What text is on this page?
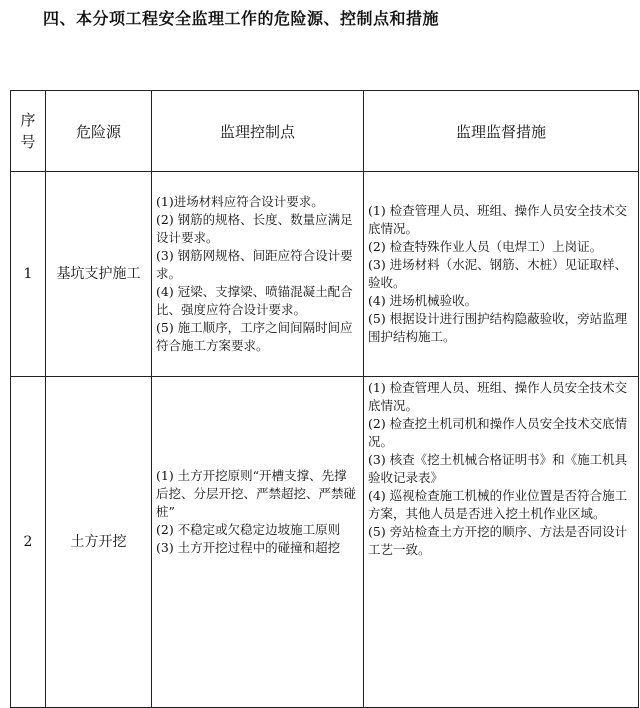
四、本分项工程安全监理工作的危险源、控制点和措施
序
号	危险源	监理控制点	监理监督措施
1	基坑支护施工	(1)进场材料应符合设计要求。
(2) 钢筋的规格、长度、数量应满足设计要求。
(3) 钢筋网规格、间距应符合设计要求。
(4) 冠梁、支撑梁、喷锚混凝土配合比、强度应符合设计要求。
(5) 施工顺序，工序之间间隔时间应符合施工方案要求。	(1) 检查管理人员、班组、操作人员安全技术交底情况。
(2) 检查特殊作业人员（电焊工）上岗证。
(3) 进场材料（水泥、钢筋、木桩）见证取样、验收。
(4) 进场机械验收。
(5) 根据设计进行围护结构隐蔽验收，旁站监理围护结构施工。

2	土方开挖	(1) 土方开挖原则“开槽支撑、先撑后挖、分层开挖、严禁超挖、严禁碰桩”
(2) 不稳定或欠稳定边坡施工原则
(3) 土方开挖过程中的碰撞和超挖	(1) 检查管理人员、班组、操作人员安全技术交底情况。
(2) 检查挖土机司机和操作人员安全技术交底情况。
(3) 核查《挖土机械合格证明书》和《施工机具验收记录表》
(4) 巡视检查施工机械的作业位置是否符合施工方案，其他人员是否进入挖土机作业区域。
(5) 旁站检查土方开挖的顺序、方法是否同设计工艺一致。
